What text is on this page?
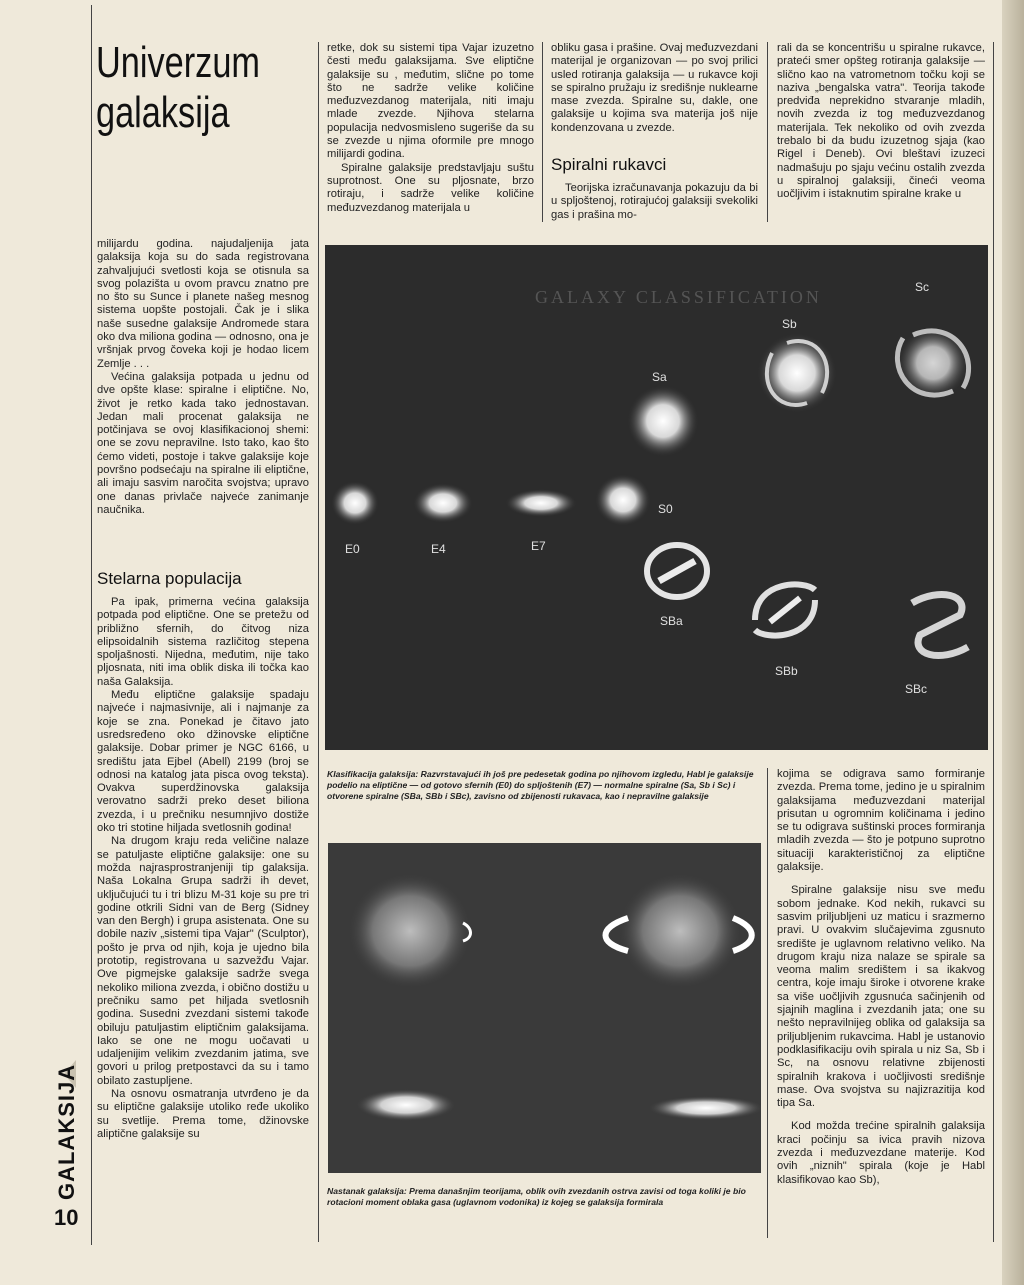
Univerzum
galaksija
GALAKSIJA
10

milijardu godina. najudaljenija jata galaksija koja su do sada registrovana zahvaljujući svetlosti koja se otisnula sa svog polazišta u ovom pravcu znatno pre no što su Sunce i planete našeg mesnog sistema uopšte postojali. Čak je i slika naše susedne galaksije Andromede stara oko dva miliona godina — odnosno, ona je vršnjak prvog čoveka koji je hodao licem Zemlje . . .

Većina galaksija potpada u jednu od dve opšte klase: spiralne i eliptične. No, život je retko kada tako jednostavan. Jedan mali procenat galaksija ne potčinjava se ovoj klasifikacionoj shemi: one se zovu nepravilne. Isto tako, kao što ćemo videti, postoje i takve galaksije koje površno podsećaju na spiralne ili eliptične, ali imaju sasvim naročita svojstva; upravo one danas privlače najveće zanimanje naučnika.

Stelarna populacija

Pa ipak, primerna većina galaksija potpada pod eliptične. One se pretežu od približno sfernih, do čitvog niza elipsoidalnih sistema različitog stepena spoljašnosti. Nijedna, međutim, nije tako pljosnata, niti ima oblik diska ili točka kao naša Galaksija.

Među eliptične galaksije spadaju najveće i najmasivnije, ali i najmanje za koje se zna. Ponekad je čitavo jato usredsređeno oko džinovske eliptične galaksije. Dobar primer je NGC 6166, u središtu jata Ejbel (Abell) 2199 (broj se odnosi na katalog jata pisca ovog teksta). Ovakva superdžinovska galaksija verovatno sadrži preko deset biliona zvezda, i u prečniku nesumnjivo dostiže oko tri stotine hiljada svetlosnih godina!

Na drugom kraju reda veličine nalaze se patuljaste eliptične galaksije: one su možda najrasprostranjeniji tip galaksija. Naša Lokalna Grupa sadrži ih devet, uključujući tu i tri blizu M-31 koje su pre tri godine otkrili Sidni van de Berg (Sidney van den Bergh) i grupa asistenata. One su dobile naziv „sistemi tipa Vajar" (Sculptor), pošto je prva od njih, koja je ujedno bila prototip, registrovana u sazvežđu Vajar. Ove pigmejske galaksije sadrže svega nekoliko miliona zvezda, i obično dostižu u prečniku samo pet hiljada svetlosnih godina. Susedni zvezdani sistemi takođe obiluju patuljastim eliptičnim galaksijama. Iako se one ne mogu uočavati u udaljenijim velikim zvezdanim jatima, sve govori u prilog pretpostavci da su i tamo obilato zastupljene.

Na osnovu osmatranja utvrđeno je da su eliptične galaksije utoliko ređe ukoliko su svetlije. Prema tome, džinovske aliptične galaksije su

retke, dok su sistemi tipa Vajar izuzetno česti među galaksijama. Sve eliptične galaksije su , međutim, slične po tome što ne sadrže velike količine međuzvezdanog materijala, niti imaju mlade zvezde. Njihova stelarna populacija nedvosmisleno sugeriše da su se zvezde u njima oformile pre mnogo milijardi godina.

Spiralne galaksije predstavljaju suštu suprotnost. One su pljosnate, brzo rotiraju, i sadrže velike količine međuzvezdanog materijala u

obliku gasa i prašine. Ovaj međuzvezdani materijal je organizovan — po svoj prilici usled rotiranja galaksija — u rukavce koji se spiralno pružaju iz središnje nuklearne mase zvezda. Spiralne su, dakle, one galaksije u kojima sva materija još nije kondenzovana u zvezde.

Spiralni rukavci

Teorijska izračunavanja pokazuju da bi u spljoštenoj, rotirajućoj galaksiji svekoliki gas i prašina mo-

rali da se koncentrišu u spiralne rukavce, prateći smer opšteg rotiranja galaksije — slično kao na vatrometnom točku koji se naziva „bengalska vatra". Teorija takođe predviđa neprekidno stvaranje mladih, novih zvezda iz tog međuzvezdanog materijala. Tek nekoliko od ovih zvezda trebalo bi da budu izuzetnog sjaja (kao Rigel i Deneb). Ovi bleštavi izuzeci nadmašuju po sjaju većinu ostalih zvezda u spiralnoj galaksiji, čineći veoma uočljivim i istaknutim spiralne krake u

GALAXY CLASSIFICATION
E0	E4	E7
S0
Sa
Sb
Sc
SBa
SBb
SBc
Klasifikacija galaksija: Razvrstavajući ih još pre pedesetak godina po njihovom izgledu, Habl je galaksije podelio na eliptične — od gotovo sfernih (E0) do spljoštenih (E7) — normalne spiralne (Sa, Sb i Sc) i otvorene spiralne (SBa, SBb i SBc), zavisno od zbijenosti rukavaca, kao i nepravilne galaksije
Nastanak galaksija: Prema današnjim teorijama, oblik ovih zvezdanih ostrva zavisi od toga koliki je bio rotacioni moment oblaka gasa (uglavnom vodonika) iz kojeg se galaksija formirala

kojima se odigrava samo formiranje zvezda. Prema tome, jedino je u spiralnim galaksijama međuzvezdani materijal prisutan u ogromnim količinama i jedino se tu odigrava suštinski proces formiranja mladih zvezda — što je potpuno suprotno situaciji karakterističnoj za eliptične galaksije.

Spiralne galaksije nisu sve među sobom jednake. Kod nekih, rukavci su sasvim priljubljeni uz maticu i srazmerno pravi. U ovakvim slučajevima zgusnuto središte je uglavnom relativno veliko. Na drugom kraju niza nalaze se spirale sa veoma malim središtem i sa ikakvog centra, koje imaju široke i otvorene krake sa više uočljivih zgusnuća sačinjenih od sjajnih maglina i zvezdanih jata; one su nešto nepravilnijeg oblika od galaksija sa priljubljenim rukavcima. Habl je ustanovio podklasifikaciju ovih spirala u niz Sa, Sb i Sc, na osnovu relativne zbijenosti spiralnih krakova i uočljivosti središnje mase. Ova svojstva su najizrazitija kod tipa Sa.

Kod možda trećine spiralnih galaksija kraci počinju sa ivica pravih nizova zvezda i međuzvezdane materije. Kod ovih „niznih" spirala (koje je Habl klasifikovao kao Sb),
